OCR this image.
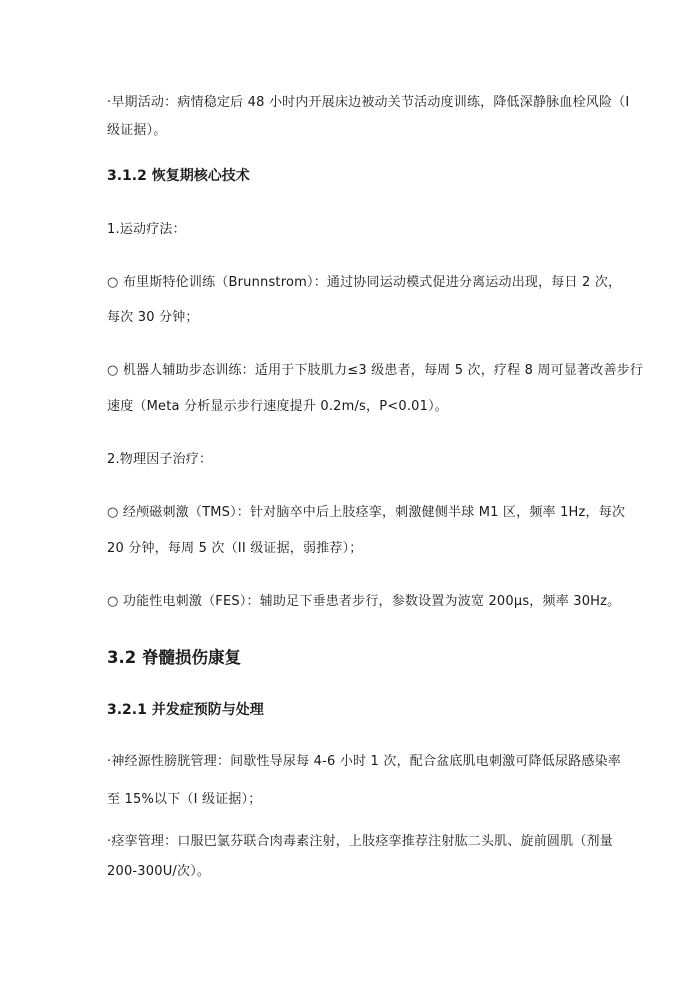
·早期活动：病情稳定后 48 小时内开展床边被动关节活动度训练，降低深静脉血栓风险（I
级证据）。
3.1.2 恢复期核心技术
1.运动疗法：
○ 布里斯特伦训练（Brunnstrom）：通过协同运动模式促进分离运动出现，每日 2 次，
每次 30 分钟；
○ 机器人辅助步态训练：适用于下肢肌力≤3 级患者，每周 5 次，疗程 8 周可显著改善步行
速度（Meta 分析显示步行速度提升 0.2m/s，P<0.01）。
2.物理因子治疗：
○ 经颅磁刺激（TMS）：针对脑卒中后上肢痉挛，刺激健侧半球 M1 区，频率 1Hz，每次
20 分钟，每周 5 次（II 级证据，弱推荐）；
○ 功能性电刺激（FES）：辅助足下垂患者步行，参数设置为波宽 200μs，频率 30Hz。
3.2 脊髓损伤康复
3.2.1 并发症预防与处理
·神经源性膀胱管理：间歇性导尿每 4-6 小时 1 次，配合盆底肌电刺激可降低尿路感染率
至 15%以下（I 级证据）；
·痉挛管理：口服巴氯芬联合肉毒素注射，上肢痉挛推荐注射肱二头肌、旋前圆肌（剂量
200-300U/次）。
